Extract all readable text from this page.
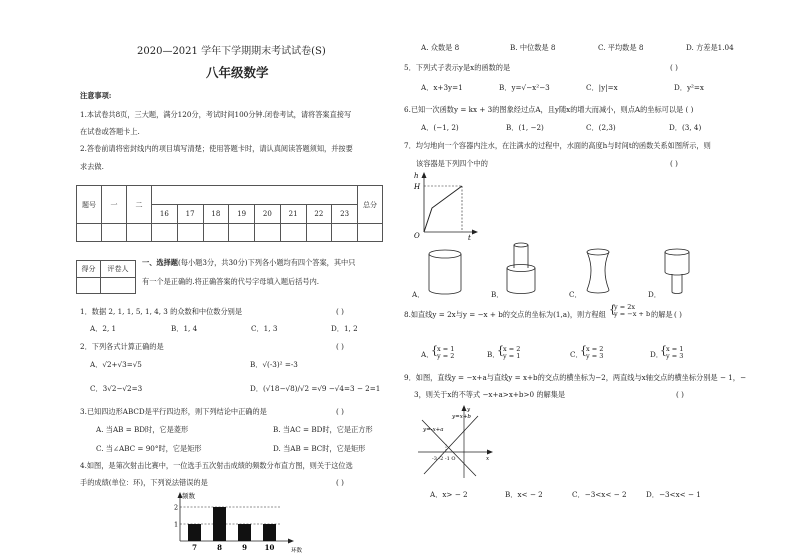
2020—2021 学年下学期期末考试试卷(S)
八年级数学
注意事项:
1.本试卷共8页，三大题，满分120分，考试时间100分钟.闭卷考试，请将答案直接写
在试卷或答题卡上.
2.答卷前请将密封线内的项目填写清楚；使用答题卡时，请认真阅读答题须知，并按要
求去做.
题号	一	二									总分
			16	17	18	19	20	21	22	23	

得分	评卷人

一、选择题(每小题3分，共30分)下列各小题均有四个答案，其中只
有一个是正确的.将正确答案的代号字母填入题后括号内.
1．数据 2, 1, 1, 5, 1, 4, 3 的众数和中位数分别是	( )
A．2, 1	B．1, 4	C．1, 3	D．1, 2
2．下列各式计算正确的是	( )
A．√2+√3=√5	B．√(-3)² =-3
C．3√2−√2=3	D．(√18−√8)/√2 =√9 −√4=3 − 2=1
3.已知四边形ABCD是平行四边形，则下列结论中正确的是	( )
A. 当AB = BD时，它是菱形	B. 当AC = BD时，它是正方形
C. 当∠ABC = 90°时，它是矩形	D. 当AB = BC时，它是矩形
4.如图，是第次射击比赛中，一位选手五次射击成绩的频数分布直方图，则关于这位选
手的成绩(单位：环)，下列说法错误的是	( )
1
2
7	8	9	10
频数
环数
A. 众数是 8	B. 中位数是 8	C. 平均数是 8	D. 方差是1.04
5．下列式子表示y是x的函数的是	( )
A．x+3y=1	B．y=√−x²−3	C．|y|=x	D．y²=x
6.已知一次函数y = kx + 3的图象经过点A，且y随x的增大而减小，则点A的坐标可以是 ( )
A．(−1, 2)	B．(1, −2)	C．(2,3)	D．(3, 4)
7．均匀地向一个容器内注水，在注满水的过程中，水面的高度h与时间t的函数关系如图所示，则
该容器是下列四个中的	( )
h
H
O	t
A．	B．	C．	D．
8.如直线y = 2x与y = −x + b的交点的坐标为(1,a)，则方程组
y = 2x
y = −x + b
{	的解是 ( )
A．
{ x = 1
y = 2	B．
{ x = 2
y = 1	C．
{ x = 2
y = 3	D．
{ x = 1
y = 3
9．如图，直线y = −x+a与直线y = x+b的交点的横坐标为−2，两直线与x轴交点的横坐标分别是 − 1，−
3，则关于x的不等式 −x+a>x+b>0 的解集是	( )
y=x+b
y=-x+a
-3 -2 -1 O	x
y
A．x> − 2	B．x< − 2	C．−3<x< − 2	D．−3<x< − 1
